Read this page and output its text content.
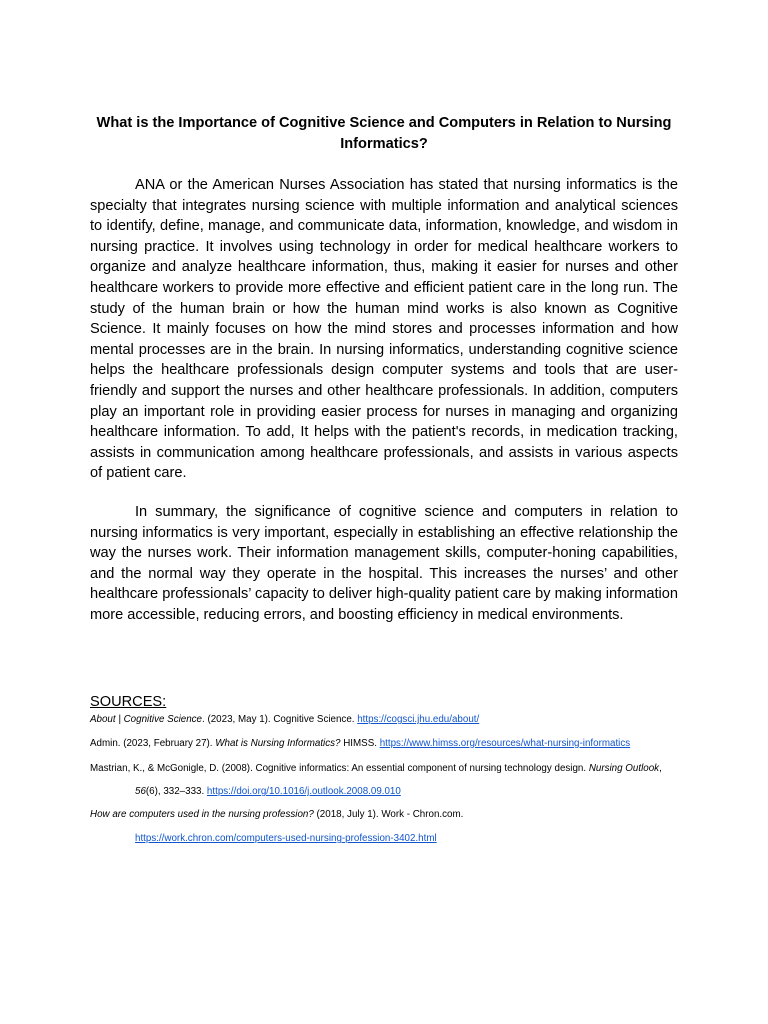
What is the Importance of Cognitive Science and Computers in Relation to Nursing Informatics?

ANA or the American Nurses Association has stated that nursing informatics is the specialty that integrates nursing science with multiple information and analytical sciences to identify, define, manage, and communicate data, information, knowledge, and wisdom in nursing practice. It involves using technology in order for medical healthcare workers to organize and analyze healthcare information, thus, making it easier for nurses and other healthcare workers to provide more effective and efficient patient care in the long run. The study of the human brain or how the human mind works is also known as Cognitive Science. It mainly focuses on how the mind stores and processes information and how mental processes are in the brain. In nursing informatics, understanding cognitive science helps the healthcare professionals design computer systems and tools that are user-friendly and support the nurses and other healthcare professionals. In addition, computers play an important role in providing easier process for nurses in managing and organizing healthcare information. To add, It helps with the patient's records, in medication tracking, assists in communication among healthcare professionals, and assists in various aspects of patient care.

In summary, the significance of cognitive science and computers in relation to nursing informatics is very important, especially in establishing an effective relationship the way the nurses work. Their information management skills, computer-honing capabilities, and the normal way they operate in the hospital. This increases the nurses’ and other healthcare professionals’ capacity to deliver high-quality patient care by making information more accessible, reducing errors, and boosting efficiency in medical environments.

SOURCES:
About | Cognitive Science. (2023, May 1). Cognitive Science. https://cogsci.jhu.edu/about/
Admin. (2023, February 27). What is Nursing Informatics? HIMSS. https://www.himss.org/resources/what-nursing-informatics
Mastrian, K., & McGonigle, D. (2008). Cognitive informatics: An essential component of nursing technology design. Nursing Outlook,
56(6), 332–333. https://doi.org/10.1016/j.outlook.2008.09.010
How are computers used in the nursing profession? (2018, July 1). Work - Chron.com.
https://work.chron.com/computers-used-nursing-profession-3402.html
